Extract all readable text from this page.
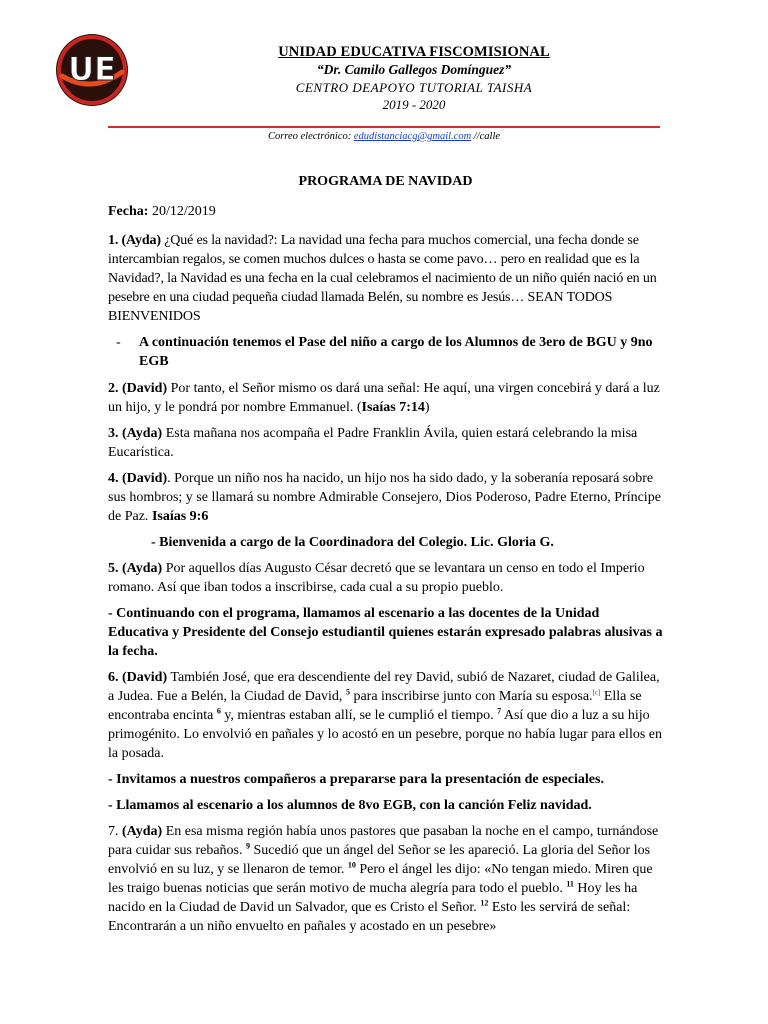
UE	UNIDAD EDUCATIVA FISCOMISIONAL
“Dr. Camilo Gallegos Domínguez”
CENTRO DEAPOYO TUTORIAL TAISHA
2019 - 2020
Correo electrónico: edudistanciacg@gmail.com //calle

PROGRAMA DE NAVIDAD

Fecha: 20/12/2019

1. (Ayda) ¿Qué es la navidad?: La navidad una fecha para muchos comercial, una fecha donde se intercambian regalos, se comen muchos dulces o hasta se come pavo… pero en realidad que es la Navidad?, la Navidad es una fecha en la cual celebramos el nacimiento de un niño quién nació en un pesebre en una ciudad pequeña ciudad llamada Belén, su nombre es Jesús… SEAN TODOS BIENVENIDOS

- A continuación tenemos el Pase del niño a cargo de los Alumnos de 3ero de BGU y 9no EGB

2. (David) Por tanto, el Señor mismo os dará una señal: He aquí, una virgen concebirá y dará a luz un hijo, y le pondrá por nombre Emmanuel. (Isaías 7:14)

3. (Ayda) Esta mañana nos acompaña el Padre Franklin Ávila, quien estará celebrando la misa Eucarística.

4. (David). Porque un niño nos ha nacido, un hijo nos ha sido dado, y la soberanía reposará sobre sus hombros; y se llamará su nombre Admirable Consejero, Dios Poderoso, Padre Eterno, Príncipe de Paz. Isaías 9:6

- Bienvenida a cargo de la Coordinadora del Colegio. Lic. Gloria G.

5. (Ayda) Por aquellos días Augusto César decretó que se levantara un censo en todo el Imperio romano. Así que iban todos a inscribirse, cada cual a su propio pueblo.

- Continuando con el programa, llamamos al escenario a las docentes de la Unidad Educativa y Presidente del Consejo estudiantil quienes estarán expresado palabras alusivas a la fecha.

6. (David) También José, que era descendiente del rey David, subió de Nazaret, ciudad de Galilea, a Judea. Fue a Belén, la Ciudad de David, $^5$ para inscribirse junto con María su esposa.[c] Ella se encontraba encinta $^6$ y, mientras estaban allí, se le cumplió el tiempo. $^7$ Así que dio a luz a su hijo primogénito. Lo envolvió en pañales y lo acostó en un pesebre, porque no había lugar para ellos en la posada.

- Invitamos a nuestros compañeros a prepararse para la presentación de especiales.

- Llamamos al escenario a los alumnos de 8vo EGB, con la canción Feliz navidad.

7. (Ayda) En esa misma región había unos pastores que pasaban la noche en el campo, turnándose para cuidar sus rebaños. $^9$ Sucedió que un ángel del Señor se les apareció. La gloria del Señor los envolvió en su luz, y se llenaron de temor. $^{10}$ Pero el ángel les dijo: «No tengan miedo. Miren que les traigo buenas noticias que serán motivo de mucha alegría para todo el pueblo. $^{11}$ Hoy les ha nacido en la Ciudad de David un Salvador, que es Cristo el Señor. $^{12}$ Esto les servirá de señal: Encontrarán a un niño envuelto en pañales y acostado en un pesebre»
